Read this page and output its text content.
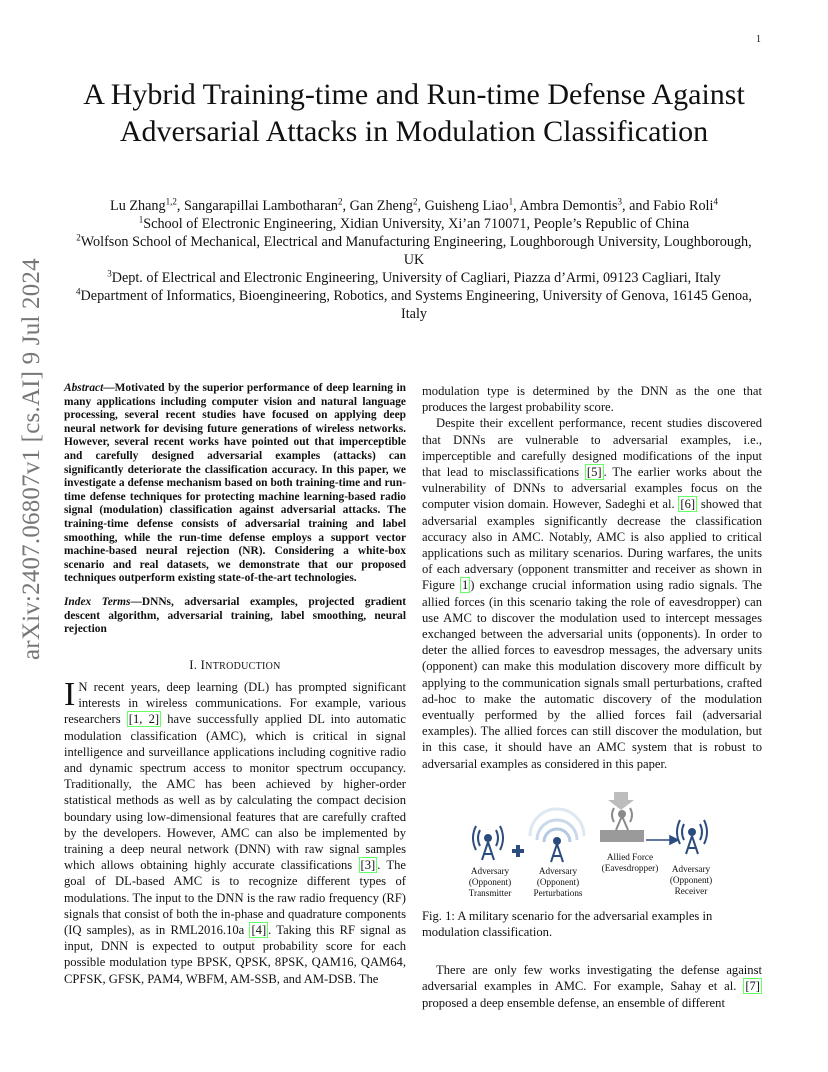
1
arXiv:2407.06807v1 [cs.AI] 9 Jul 2024
A Hybrid Training-time and Run-time Defense Against Adversarial Attacks in Modulation Classification
Lu Zhang$^{1,2}$, Sangarapillai Lambotharan$^2$, Gan Zheng$^2$, Guisheng Liao$^1$, Ambra Demontis$^3$, and Fabio Roli$^4$
$^1$School of Electronic Engineering, Xidian University, Xi’an 710071, People’s Republic of China
$^2$Wolfson School of Mechanical, Electrical and Manufacturing Engineering, Loughborough University, Loughborough, UK
$^3$Dept. of Electrical and Electronic Engineering, University of Cagliari, Piazza d’Armi, 09123 Cagliari, Italy
$^4$Department of Informatics, Bioengineering, Robotics, and Systems Engineering, University of Genova, 16145 Genoa, Italy

Abstract—Motivated by the superior performance of deep learning in many applications including computer vision and natural language processing, several recent studies have focused on applying deep neural network for devising future generations of wireless networks. However, several recent works have pointed out that imperceptible and carefully designed adversarial examples (attacks) can significantly deteriorate the classification accuracy. In this paper, we investigate a defense mechanism based on both training-time and run-time defense techniques for protecting machine learning-based radio signal (modulation) classification against adversarial attacks. The training-time defense consists of adversarial training and label smoothing, while the run-time defense employs a support vector machine-based neural rejection (NR). Considering a white-box scenario and real datasets, we demonstrate that our proposed techniques outperform existing state-of-the-art technologies.

Index Terms—DNNs, adversarial examples, projected gradient descent algorithm, adversarial training, label smoothing, neural rejection

I. INTRODUCTION

I N recent years, deep learning (DL) has prompted significant interests in wireless communications. For example, various researchers [1, 2] have successfully applied DL into automatic modulation classification (AMC), which is critical in signal intelligence and surveillance applications including cognitive radio and dynamic spectrum access to monitor spectrum occupancy. Traditionally, the AMC has been achieved by higher-order statistical methods as well as by calculating the compact decision boundary using low-dimensional features that are carefully crafted by the developers. However, AMC can also be implemented by training a deep neural network (DNN) with raw signal samples which allows obtaining highly accurate classifications [3] . The goal of DL-based AMC is to recognize different types of modulations. The input to the DNN is the raw radio frequency (RF) signals that consist of both the in-phase and quadrature components (IQ samples), as in RML2016.10a [4] . Taking this RF signal as input, DNN is expected to output probability score for each possible modulation type BPSK, QPSK, 8PSK, QAM16, QAM64, CPFSK, GFSK, PAM4, WBFM, AM-SSB, and AM-DSB. The

modulation type is determined by the DNN as the one that produces the largest probability score.

Despite their excellent performance, recent studies discovered that DNNs are vulnerable to adversarial examples, i.e., imperceptible and carefully designed modifications of the input that lead to misclassifications [5] . The earlier works about the vulnerability of DNNs to adversarial examples focus on the computer vision domain. However, Sadeghi et al. [6] showed that adversarial examples significantly decrease the classification accuracy also in AMC. Notably, AMC is also applied to critical applications such as military scenarios. During warfares, the units of each adversary (opponent transmitter and receiver as shown in Figure 1 ) exchange crucial information using radio signals. The allied forces (in this scenario taking the role of eavesdropper) can use AMC to discover the modulation used to intercept messages exchanged between the adversarial units (opponents). In order to deter the allied forces to eavesdrop messages, the adversary units (opponent) can make this modulation discovery more difficult by applying to the communication signals small perturbations, crafted ad-hoc to make the automatic discovery of the modulation eventually performed by the allied forces fail (adversarial examples). The allied forces can still discover the modulation, but in this case, it should have an AMC system that is robust to adversarial examples as considered in this paper.

Adversary (Opponent) Transmitter
Adversary (Opponent) Perturbations
Allied Force (Eavesdropper)	Adversary (Opponent) Receiver

Fig. 1: A military scenario for the adversarial examples in modulation classification.

There are only few works investigating the defense against adversarial examples in AMC. For example, Sahay et al. [7] proposed a deep ensemble defense, an ensemble of different
